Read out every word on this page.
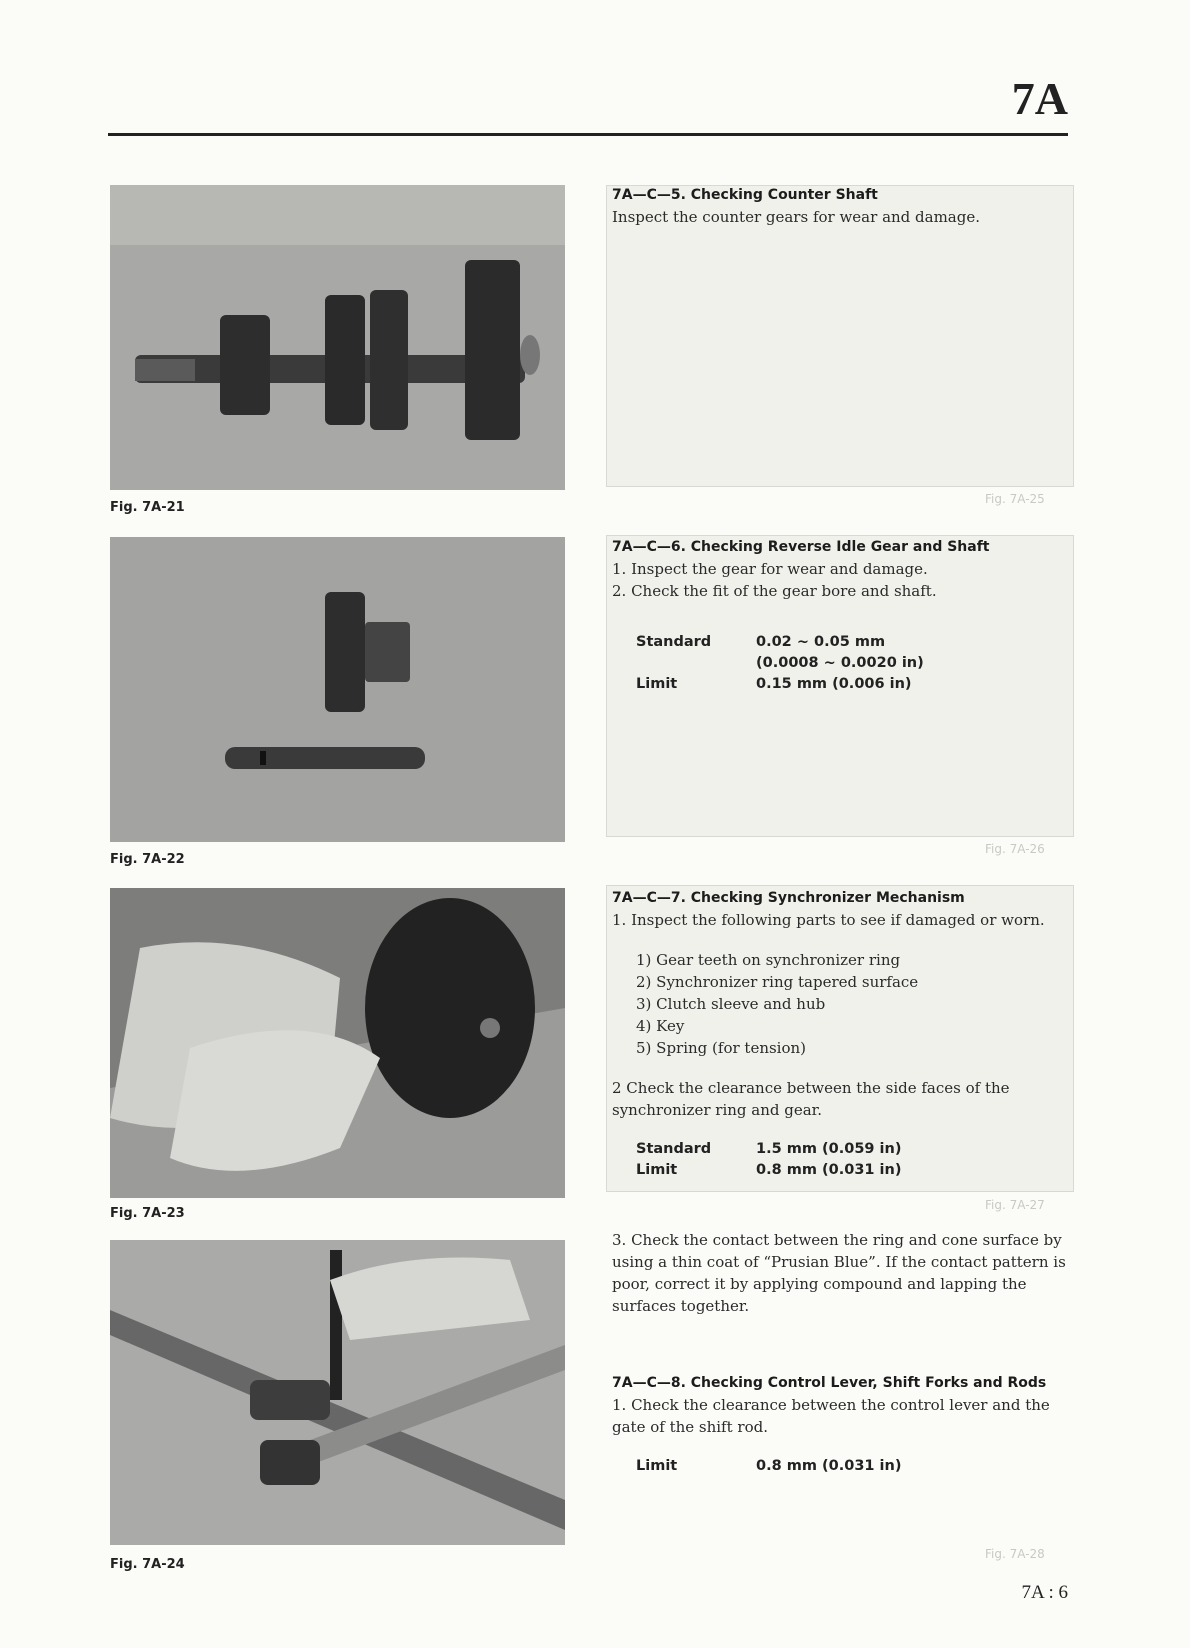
7A
Fig. 7A-25
Fig. 7A-26
Fig. 7A-27
Fig. 7A-28
Fig. 7A-21
Fig. 7A-22
Fig. 7A-23
Fig. 7A-24
7A—C—5. Checking Counter Shaft
Inspect the counter gears for wear and damage.
7A—C—6. Checking Reverse Idle Gear and Shaft
1. Inspect the gear for wear and damage.
2. Check the fit of the gear bore and shaft.
Standard	0.02 ~ 0.05 mm
(0.0008 ~ 0.0020 in)
Limit	0.15 mm (0.006 in)
7A—C—7. Checking Synchronizer Mechanism
1. Inspect the following parts to see if damaged or worn.
1) Gear teeth on synchronizer ring
2) Synchronizer ring tapered surface
3) Clutch sleeve and hub
4) Key
5) Spring (for tension)
2 Check the clearance between the side faces of the synchronizer ring and gear.
Standard	1.5 mm (0.059 in)
Limit	0.8 mm (0.031 in)
3. Check the contact between the ring and cone surface by using a thin coat of “Prusian Blue”. If the contact pattern is poor, correct it by applying compound and lapping the surfaces together.
7A—C—8. Checking Control Lever, Shift Forks and Rods
1. Check the clearance between the control lever and the gate of the shift rod.
Limit	0.8 mm (0.031 in)
7A : 6
